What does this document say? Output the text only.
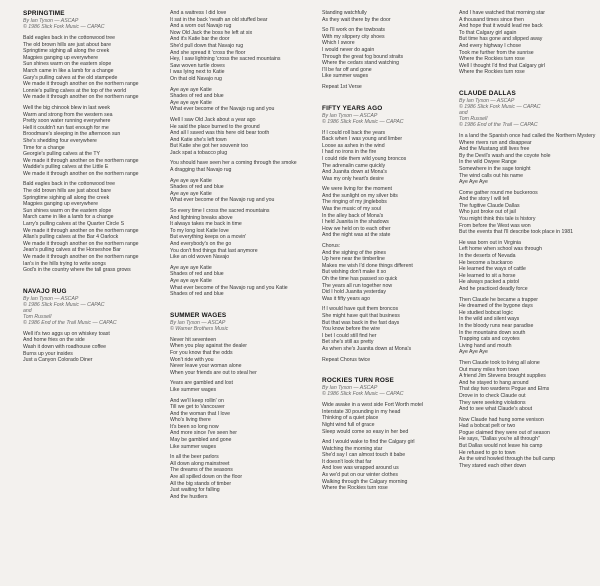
SPRINGTIME
By Ian Tyson — ASCAP
© 1986 Slick Fork Music — CAPAC
Bald eagles back in the cottonwood tree
The old brown hills are just about bare
Springtime sighing all along the creek
Magpies ganging up everywhere
Sun shines warm on the eastern slope
March came in like a lamb for a change
Gary's pulling calves at the old stampede
We made it through another on the northern range
Lonnie's pulling calves at the top of the world
We made it through another on the northern range
Well the big chinook blew in last week
Warm and strong from the western sea
Pretty soon water running everywhere
Hell it couldn't run fast enough for me
Broodmare's sleeping in the afternoon sun
She's shedding four everywhere
Time for a change
Georgie's pulling calves at the TY
We made it through another on the northern range
Waddie's pulling calves at the Little E
We made it through another on the northern range
Bald eagles back in the cottonwood tree
The old brown hills are just about bare
Springtime sighing all along the creek
Magpies ganging up everywhere
Sun shines warm on the eastern slope
March came in like a lamb for a change
Larry's pulling calves at the Quarter Circle S
We made it through another on the northern range
Allan's pulling calves at the Bar 4 Oarlock
We made it through another on the northern range
Jean's pulling calves at the Horseshoe Bar
We made it through another on the northern range
Ian's in the hills trying to write songs
God's in the country where the tall grass grows
NAVAJO RUG
By Ian Tyson — ASCAP
© 1986 Slick Fork Music — CAPAC
and
Tom Russell
© 1986 End of the Trail Music — CAPAC
Well it's two aggs up on whiskey toast
And home fries on the side
Wash it down with roadhouse coffee
Burns up your insides
Just a Canyon Colorado Diner
And a waitress I did love
It sat in the back 'neath an old stuffed bear
And a worn out Navajo rug
Now Old Jack the boss he left at six
And it's Katie bar the door
She'd pull down that Navajo rug
And she spread it 'cross the floor
Hey, I saw lightning 'cross the sacred mountains
Saw woven turtle doves
I was lying next to Katie
On that old Navajo rug
Aye aye aye Katie
Shades of red and blue
Aye aye aye Katie
What ever become of the Navajo rug and you
Well I saw Old Jack about a year ago
He said the place burned to the ground
And all I saved was this here old bear tooth
And Katie she's left town
But Katie she got her souvenir too
Jack spat a tobacco plug
You should have seen her a coming through the smoke
A dragging that Navajo rug
Aye aye aye Katie
Shades of red and blue
Aye aye aye Katie
What ever become of the Navajo rug and you
So every time I cross the sacred mountains
And lightning breaks above
It always takes me back in time
To my long lost Katie love
But everything keeps on a movin'
And everybody's on the go
You don't find things that last anymore
Like an old woven Navajo
Aye aye aye Katie
Shades of red and blue
Aye aye aye Katie
What ever become of the Navajo rug and you Katie
Shades of red and blue
SUMMER WAGES
By Ian Tyson — ASCAP
© Warner Brothers Music
Never hit seventeen
When you play against the dealer
For you know that the odds
Won't ride with you
Never leave your woman alone
When your friends are out to steal her
Years are gambled and lost
Like summer wages
And we'll keep rollin' on
Till we get to Vancouver
And the woman that I love
Who's living there
It's been so long now
And more since I've seen her
May be gambled and gone
Like summer wages
In all the beer parlors
All down along mainstreet
The dreams of the seasons
Are all spilled down on the floor
All the big stands of timber
Just waiting for falling
And the hustlers
Standing watchfully
As they wait there by the door
So I'll work on the towboats
With my slippery city shoes
Which I swore
I would never do again
Through the great fog bound straits
Where the cedars stand watching
I'll be far off and gone
Like summer wages
Repeat 1st Verse
FIFTY YEARS AGO
By Ian Tyson — ASCAP
© 1986 Slick Fork Music — CAPAC
If I could roll back the years
Back when I was young and limber
Loose as ashes in the wind
I had no irons in the fire
I could ride them wild young broncos
The adrenalin came quickly
And Juanita down at Mona's
Was my only heart's desire
We were living for the moment
And the sunlight on my silver bits
The ringing of my jinglebobs
Was the music of my soul
In the alley back of Mona's
I held Juanita in the shadows
How we held on to each other
And the night was at the state
Chorus:
And the sighing of the pines
Up here near the timberline
Makes me wish I'd done things different
But wishing don't make it so
Oh the time has passed so quick
The years all run together now
Did I hold Juanita yesterday
Was it fifty years ago
If I would have quit them broncos
She might have quit that business
But that was back in the fast days
You know before the wire
I bet I could still find her
Bet she's still as pretty
As when she's Juanita down at Mona's
Repeat Chorus twice
ROCKIES TURN ROSE
By Ian Tyson — ASCAP
© 1986 Slick Fork Music — CAPAC
Wide awake in a west side Fort Worth motel
Interstate 30 pounding in my head
Thinking of a quiet place
Night wind full of grace
Sleep would come so easy in her bed
And I would wake to find the Calgary girl
Watching the morning star
She'd say I can almost touch it babe
It doesn't look that far
And love was wrapped around us
As we'd put on our winter clothes
Walking through the Calgary morning
Where the Rockies turn rose
And I have watched that morning star
A thousand times since then
And hope that it would lead me back
To that Calgary girl again
But time has gone and slipped away
And every highway I chose
Took me further from the sunrise
Where the Rockies turn rose
Well I thought I'd find that Calgary girl
Where the Rockies turn rose
CLAUDE DALLAS
By Ian Tyson — ASCAP
© 1986 Slick Fork Music — CAPAC
and
Tom Russell
© 1986 End of the Trail — CAPAC
In a land the Spanish once had called the Northern Mystery
Where rivers run and disappear
And the Mustang still lives free
By the Devil's wash and the coyote hole
In the wild Owyee Range
Somewhere in the sage tonight
The wind calls out his name
Aye Aye Aye
Come gather round me buckeroos
And the story I will tell
The fugitive Claude Dallas
Who just broke out of jail
You might think this tale is history
From before the West was won
But the events that I'll describe took place in 1981
He was born out in Virginia
Left home when school was through
In the deserts of Nevada
He become a buckaroo
He learned the ways of cattle
He learned to sit a horse
He always packed a pistol
And he practiced deadly force
Then Claude he became a trapper
He dreamed of the bygone days
He studied bobcat logic
In the wild and silent ways
In the bloody runs near paradise
In the mountains down south
Trapping cats and coyotes
Living hand and mouth
Aye Aye Aye
Then Claude took to living all alone
Out many miles from town
A friend Jim Stevens brought supplies
And he stayed to hang around
That day two wardens Pogue and Elms
Drove in to check Claude out
They were seeking violations
And to see what Claude's about
Now Claude had hung some venison
Had a bobcat pelt or two
Pogue claimed they were out of season
He says, "Dallas you're all through"
But Dallas would not leave his camp
He refused to go to town
As the wind howled through the bull camp
They stared each other down
